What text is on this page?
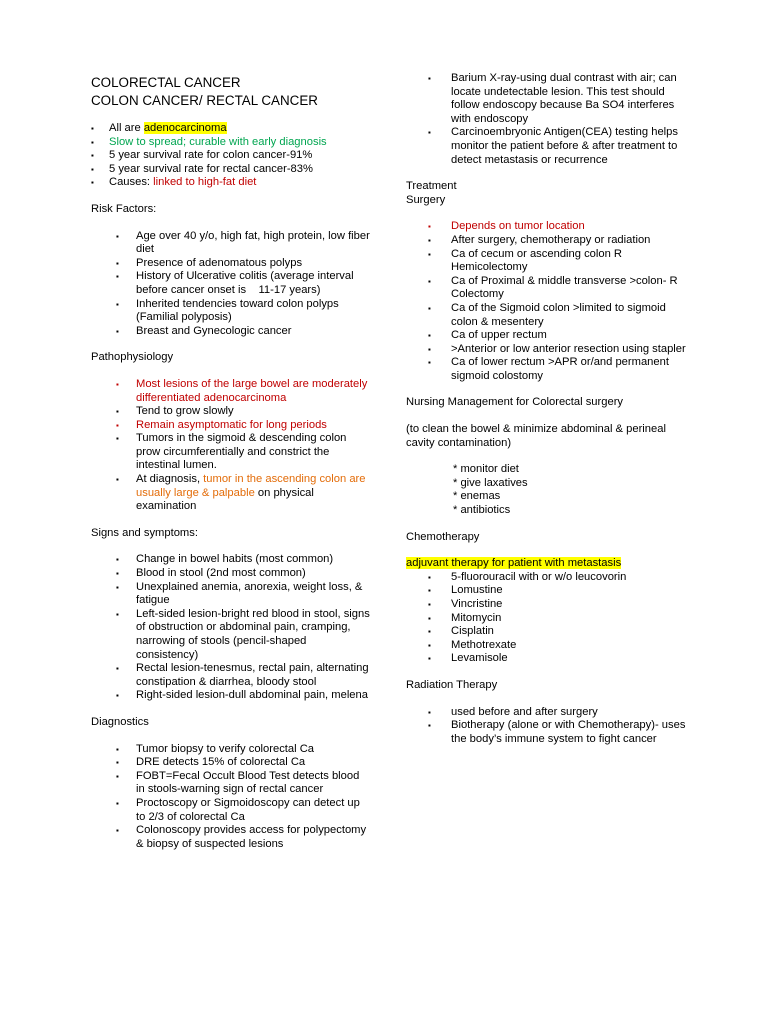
COLORECTAL CANCER

COLON CANCER/ RECTAL CANCER

▪ All are adenocarcinoma
▪ Slow to spread; curable with early diagnosis
▪ 5 year survival rate for colon cancer-91%
▪ 5 year survival rate for rectal cancer-83%
▪ Causes: linked to high-fat diet

Risk Factors:

▪ Age over 40 y/o, high fat, high protein, low fiber diet
▪ Presence of adenomatous polyps
▪ History of Ulcerative colitis (average interval before cancer onset is    11-17 years)
▪ Inherited tendencies toward colon polyps (Familial polyposis)
▪ Breast and Gynecologic cancer

Pathophysiology

▪ Most lesions of the large bowel are moderately differentiated adenocarcinoma
▪ Tend to grow slowly
▪ Remain asymptomatic for long periods
▪ Tumors in the sigmoid & descending colon prow circumferentially and constrict the intestinal lumen.
▪ At diagnosis, tumor in the ascending colon are usually large & palpable on physical examination

Signs and symptoms:

▪ Change in bowel habits (most common)
▪ Blood in stool (2nd most common)
▪ Unexplained anemia, anorexia, weight loss, & fatigue
▪ Left-sided lesion-bright red blood in stool, signs of obstruction or abdominal pain, cramping, narrowing of stools (pencil-shaped consistency)
▪ Rectal lesion-tenesmus, rectal pain, alternating constipation & diarrhea, bloody stool
▪ Right-sided lesion-dull abdominal pain, melena

Diagnostics

▪ Tumor biopsy to verify colorectal Ca
▪ DRE detects 15% of colorectal Ca
▪ FOBT=Fecal Occult Blood Test detects blood in stools-warning sign of rectal cancer
▪ Proctoscopy or Sigmoidoscopy can detect up to 2/3 of colorectal Ca
▪ Colonoscopy provides access for polypectomy & biopsy of suspected lesions
▪ Barium X-ray-using dual contrast with air; can locate undetectable lesion. This test should follow endoscopy because Ba SO4 interferes with endoscopy
▪ Carcinoembryonic Antigen(CEA) testing helps monitor the patient before & after treatment to detect metastasis or recurrence

Treatment

Surgery

▪ Depends on tumor location
▪ After surgery, chemotherapy or radiation
▪ Ca of cecum or ascending colon R Hemicolectomy
▪ Ca of Proximal & middle transverse >colon- R Colectomy
▪ Ca of the Sigmoid colon >limited to sigmoid colon & mesentery
▪ Ca of upper rectum
▪ >Anterior or low anterior resection using stapler
▪ Ca of lower rectum >APR or/and permanent sigmoid colostomy

Nursing Management for Colorectal surgery

(to clean the bowel & minimize abdominal & perineal cavity contamination)

* monitor diet

* give laxatives

* enemas

* antibiotics

Chemotherapy

adjuvant therapy for patient with metastasis

▪ 5-fluorouracil with or w/o leucovorin
▪ Lomustine
▪ Vincristine
▪ Mitomycin
▪ Cisplatin
▪ Methotrexate
▪ Levamisole

Radiation Therapy

▪ used before and after surgery
▪ Biotherapy (alone or with Chemotherapy)- uses the body’s immune system to fight cancer
